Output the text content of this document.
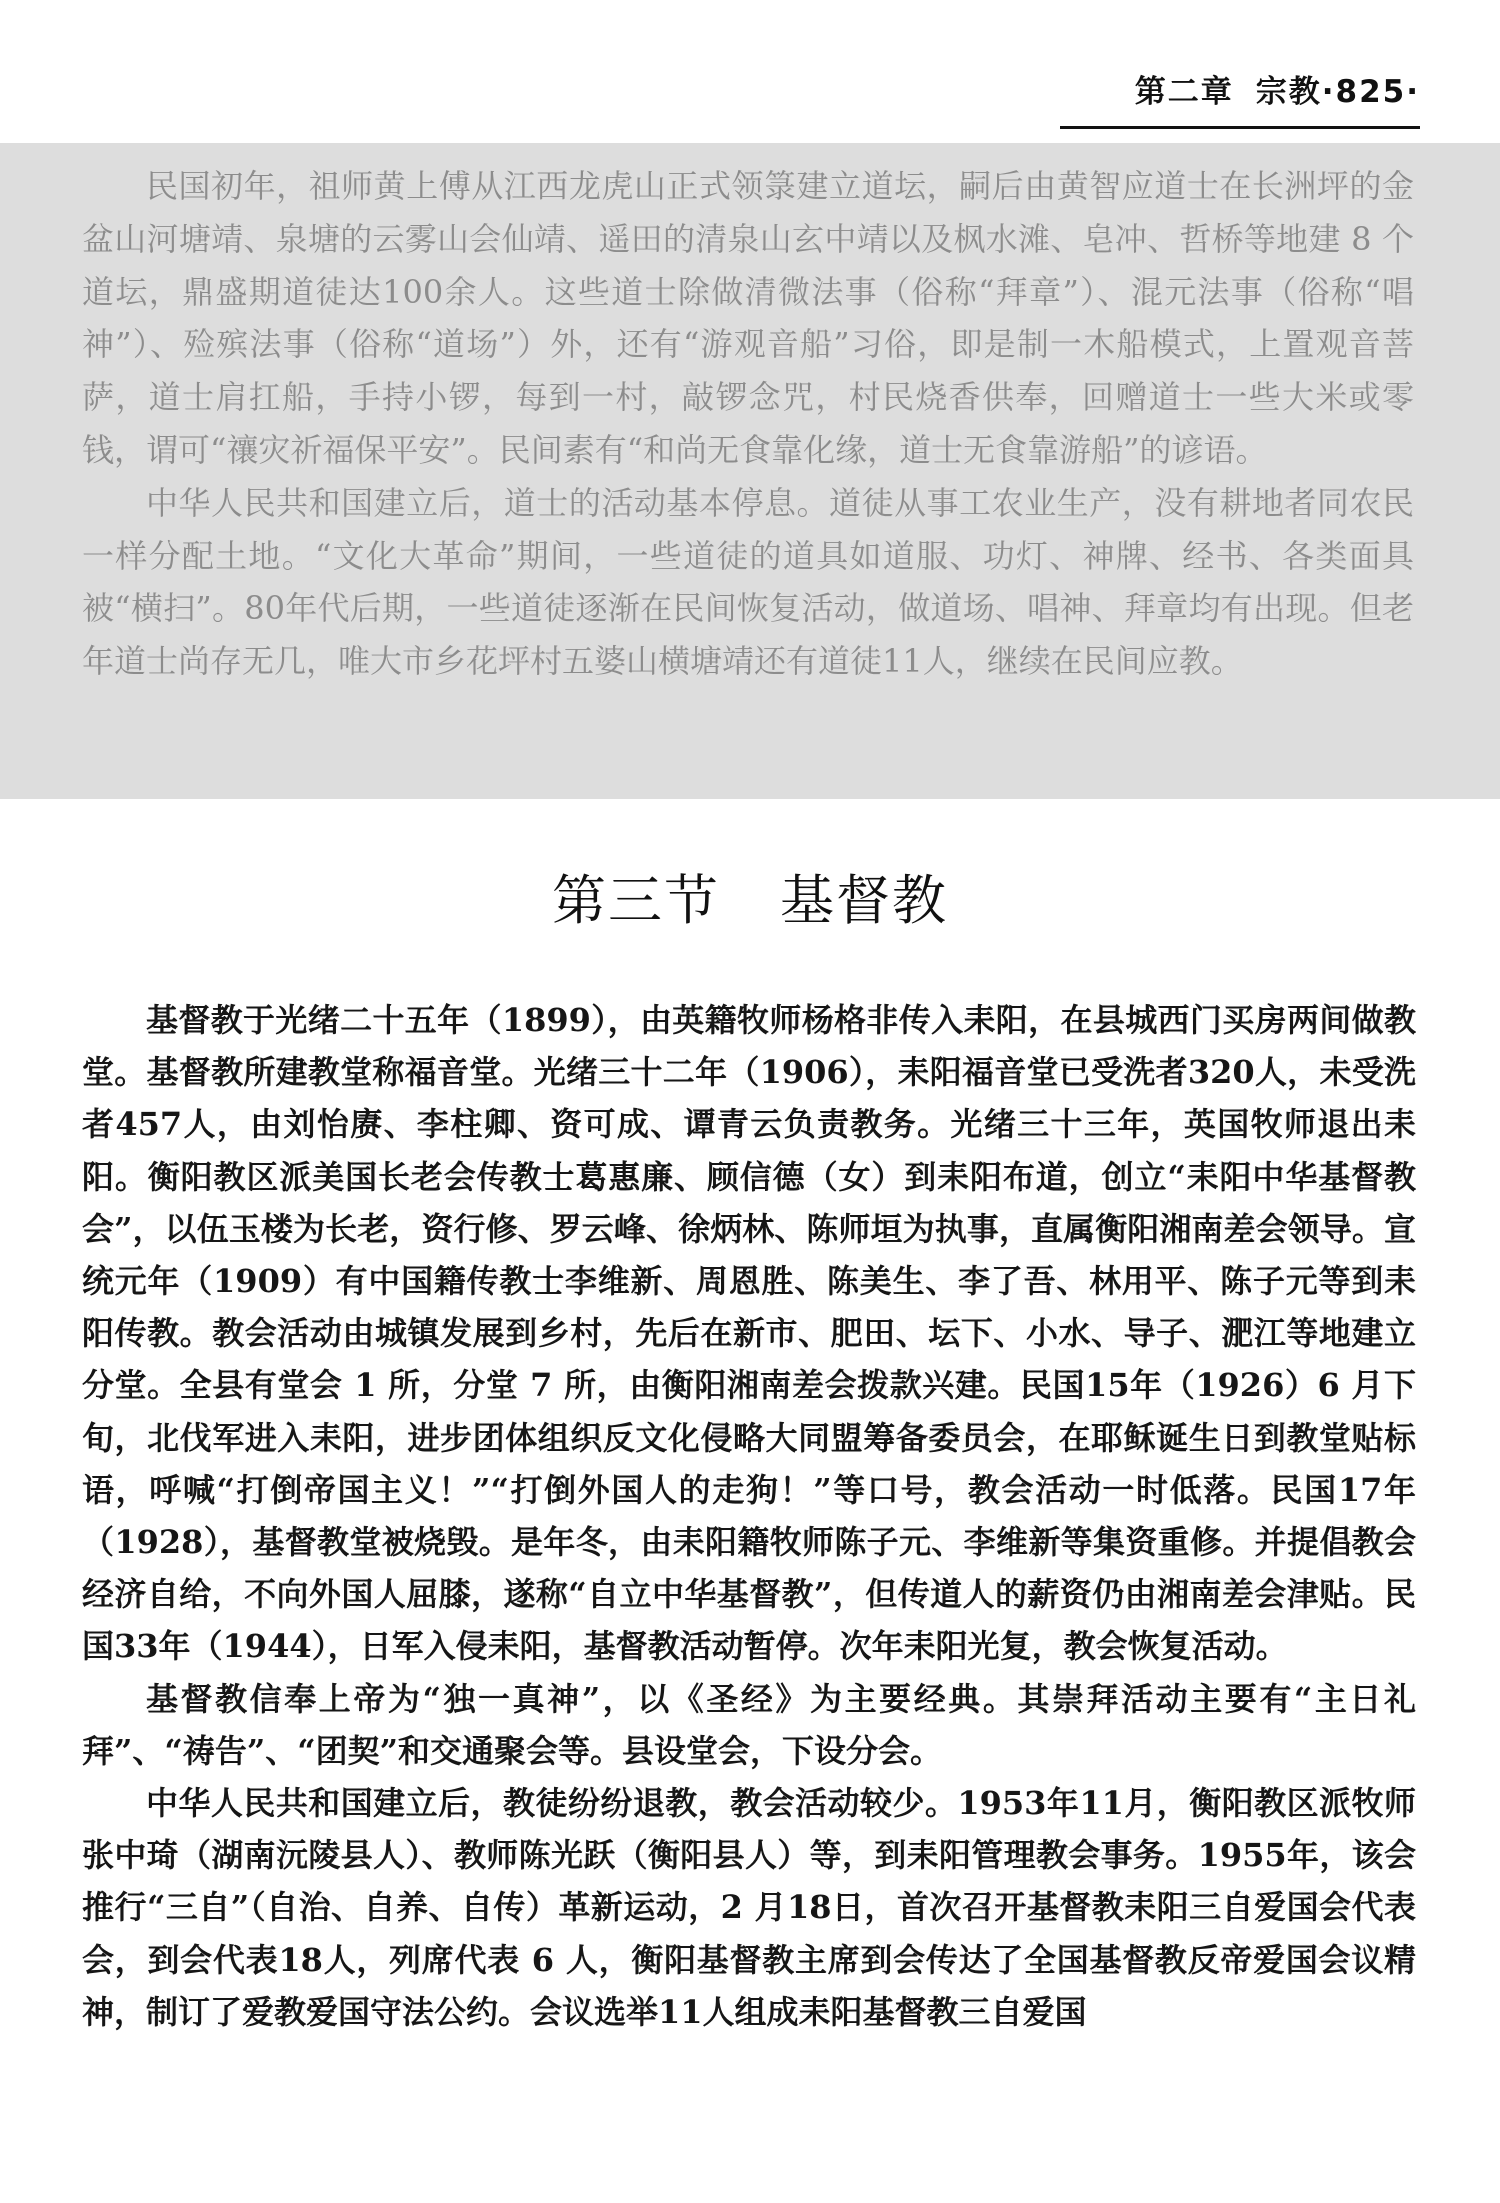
第二章 宗教·825·

民国初年，祖师黄上傅从江西龙虎山正式领箓建立道坛，嗣后由黄智应道士在长洲坪的金盆山河塘靖、泉塘的云雾山会仙靖、遥田的清泉山玄中靖以及枫水滩、皂冲、哲桥等地建 8 个道坛，鼎盛期道徒达100余人。这些道士除做清微法事（俗称“拜章”）、混元法事（俗称“唱神”）、殓殡法事（俗称“道场”）外，还有“游观音船”习俗，即是制一木船模式，上置观音菩萨，道士肩扛船，手持小锣，每到一村，敲锣念咒，村民烧香供奉，回赠道士一些大米或零钱，谓可“禳灾祈福保平安”。民间素有“和尚无食靠化缘，道士无食靠游船”的谚语。

中华人民共和国建立后，道士的活动基本停息。道徒从事工农业生产，没有耕地者同农民一样分配土地。“文化大革命”期间，一些道徒的道具如道服、功灯、神牌、经书、各类面具被“横扫”。80年代后期，一些道徒逐渐在民间恢复活动，做道场、唱神、拜章均有出现。但老年道士尚存无几，唯大市乡花坪村五婆山横塘靖还有道徒11人，继续在民间应教。

第三节 基督教

基督教于光绪二十五年（1899），由英籍牧师杨格非传入耒阳，在县城西门买房两间做教堂。基督教所建教堂称福音堂。光绪三十二年（1906），耒阳福音堂已受洗者320人，未受洗者457人，由刘怡赓、李柱卿、资可成、谭青云负责教务。光绪三十三年，英国牧师退出耒阳。衡阳教区派美国长老会传教士葛惠廉、顾信德（女）到耒阳布道，创立“耒阳中华基督教会”，以伍玉楼为长老，资行修、罗云峰、徐炳林、陈师垣为执事，直属衡阳湘南差会领导。宣统元年（1909）有中国籍传教士李维新、周恩胜、陈美生、李了吾、林用平、陈子元等到耒阳传教。教会活动由城镇发展到乡村，先后在新市、肥田、坛下、小水、导子、淝江等地建立分堂。全县有堂会 1 所，分堂 7 所，由衡阳湘南差会拨款兴建。民国15年（1926）6 月下旬，北伐军进入耒阳，进步团体组织反文化侵略大同盟筹备委员会，在耶稣诞生日到教堂贴标语，呼喊“打倒帝国主义！”“打倒外国人的走狗！”等口号，教会活动一时低落。民国17年（1928），基督教堂被烧毁。是年冬，由耒阳籍牧师陈子元、李维新等集资重修。并提倡教会经济自给，不向外国人屈膝，遂称“自立中华基督教”，但传道人的薪资仍由湘南差会津贴。民国33年（1944），日军入侵耒阳，基督教活动暂停。次年耒阳光复，教会恢复活动。

基督教信奉上帝为“独一真神”，以《圣经》为主要经典。其崇拜活动主要有“主日礼拜”、“祷告”、“团契”和交通聚会等。县设堂会，下设分会。

中华人民共和国建立后，教徒纷纷退教，教会活动较少。1953年11月，衡阳教区派牧师张中琦（湖南沅陵县人）、教师陈光跃（衡阳县人）等，到耒阳管理教会事务。1955年，该会推行“三自”（自治、自养、自传）革新运动，2 月18日，首次召开基督教耒阳三自爱国会代表会，到会代表18人，列席代表 6 人，衡阳基督教主席到会传达了全国基督教反帝爱国会议精神，制订了爱教爱国守法公约。会议选举11人组成耒阳基督教三自爱国
